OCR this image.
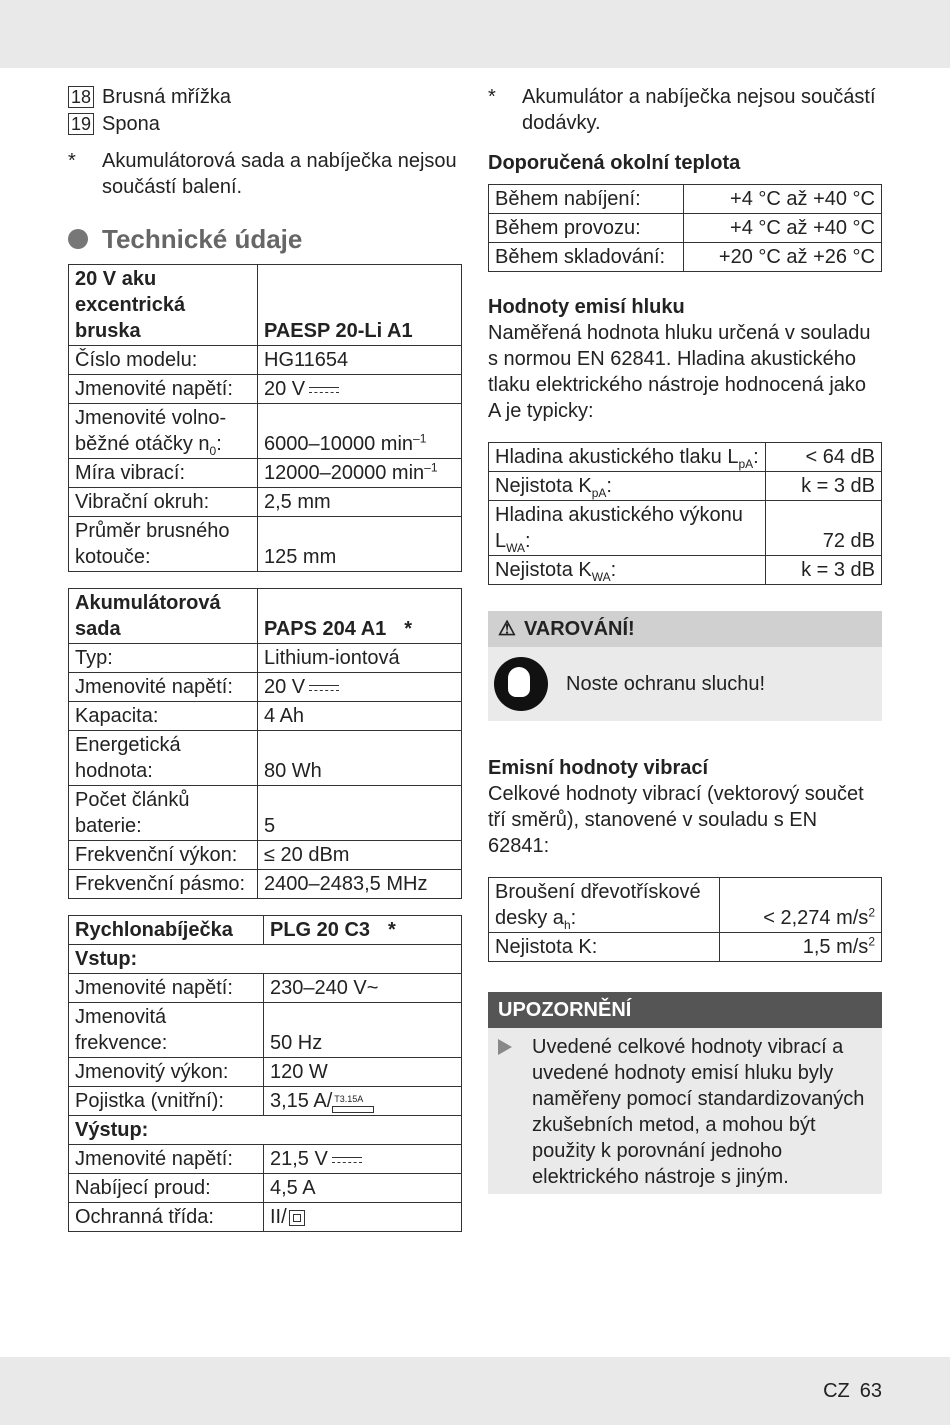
18 Brusná mřížka

19 Spona

*	Akumulátorová sada a nabíječka nejsou součástí balení.
Technické údaje
20 V aku excentrická bruska	PAESP 20-Li A1
Číslo modelu:	HG11654
Jmenovité napětí:	20 V
Jmenovité volno-
běžné otáčky $n_0$:	6000–10000 $\min^{-1}$
Míra vibrací:	12000–20000 $\min^{-1}$
Vibrační okruh:	2,5 mm
Průměr brusného kotouče:	125 mm
Akumulátorová sada	PAPS 204 A1 *
Typ:	Lithium-iontová
Jmenovité napětí:	20 V
Kapacita:	4 Ah
Energetická hodnota:	80 Wh
Počet článků baterie:	5
Frekvenční výkon:	≤ 20 dBm
Frekvenční pásmo:	2400–2483,5 MHz
Rychlonabíječka	PLG 20 C3 *
Vstup:	
Jmenovité napětí:	230–240 V~
Jmenovitá frekvence:	50 Hz
Jmenovitý výkon:	120 W
Pojistka (vnitřní):	3,15 A/ T3.15A

Výstup:	
Jmenovité napětí:	21,5 V
Nabíjecí proud:	4,5 A
Ochranná třída:	II/
*	Akumulátor a nabíječka nejsou součástí dodávky.
Doporučená okolní teplota
Během nabíjení:	+4 °C až +40 °C
Během provozu:	+4 °C až +40 °C
Během skladování:	+20 °C až +26 °C
Hodnoty emisí hluku

Naměřená hodnota hluku určená v souladu s normou EN 62841. Hladina akustického tlaku elektrického nástroje hodnocená jako A je typicky:

Hladina akustického tlaku $L_{pA}$:	< 64 dB
Nejistota $K_{pA}$:	k = 3 dB
Hladina akustického výkonu $L_{WA}$:	72 dB
Nejistota $K_{WA}$:	k = 3 dB
⚠ VAROVÁNÍ!
Noste ochranu sluchu!
Emisní hodnoty vibrací

Celkové hodnoty vibrací (vektorový součet tří směrů), stanovené v souladu s EN 62841:

Broušení dřevotřískové desky $a_h$:	< 2,274 $m/s^2$
Nejistota K:	1,5 $m/s^2$
UPOZORNĚNÍ
Uvedené celkové hodnoty vibrací a uvedené hodnoty emisí hluku byly naměřeny pomocí standardizovaných zkušebních metod, a mohou být použity k porovnání jednoho elektrického nástroje s jiným.
CZ 63
